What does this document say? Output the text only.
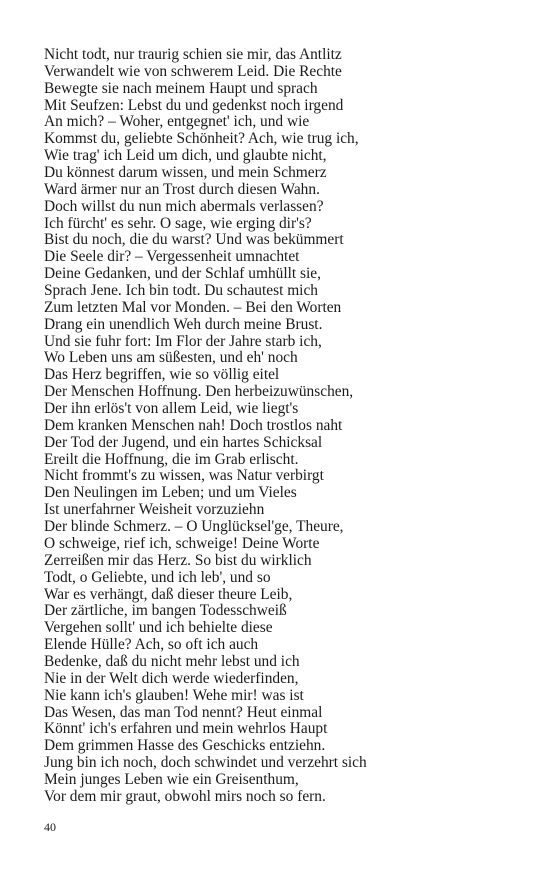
Nicht todt, nur traurig schien sie mir, das Antlitz
Verwandelt wie von schwerem Leid. Die Rechte
Bewegte sie nach meinem Haupt und sprach
Mit Seufzen: Lebst du und gedenkst noch irgend
An mich? – Woher, entgegnet' ich, und wie
Kommst du, geliebte Schönheit? Ach, wie trug ich,
Wie trag' ich Leid um dich, und glaubte nicht,
Du könnest darum wissen, und mein Schmerz
Ward ärmer nur an Trost durch diesen Wahn.
Doch willst du nun mich abermals verlassen?
Ich fürcht' es sehr. O sage, wie erging dir's?
Bist du noch, die du warst? Und was bekümmert
Die Seele dir? – Vergessenheit umnachtet
Deine Gedanken, und der Schlaf umhüllt sie,
Sprach Jene. Ich bin todt. Du schautest mich
Zum letzten Mal vor Monden. – Bei den Worten
Drang ein unendlich Weh durch meine Brust.
Und sie fuhr fort: Im Flor der Jahre starb ich,
Wo Leben uns am süßesten, und eh' noch
Das Herz begriffen, wie so völlig eitel
Der Menschen Hoffnung. Den herbeizuwünschen,
Der ihn erlös't von allem Leid, wie liegt's
Dem kranken Menschen nah! Doch trostlos naht
Der Tod der Jugend, und ein hartes Schicksal
Ereilt die Hoffnung, die im Grab erlischt.
Nicht frommt's zu wissen, was Natur verbirgt
Den Neulingen im Leben; und um Vieles
Ist unerfahrner Weisheit vorzuziehn
Der blinde Schmerz. – O Unglücksel'ge, Theure,
O schweige, rief ich, schweige! Deine Worte
Zerreißen mir das Herz. So bist du wirklich
Todt, o Geliebte, und ich leb', und so
War es verhängt, daß dieser theure Leib,
Der zärtliche, im bangen Todesschweiß
Vergehen sollt' und ich behielte diese
Elende Hülle? Ach, so oft ich auch
Bedenke, daß du nicht mehr lebst und ich
Nie in der Welt dich werde wiederfinden,
Nie kann ich's glauben! Wehe mir! was ist
Das Wesen, das man Tod nennt? Heut einmal
Könnt' ich's erfahren und mein wehrlos Haupt
Dem grimmen Hasse des Geschicks entziehn.
Jung bin ich noch, doch schwindet und verzehrt sich
Mein junges Leben wie ein Greisenthum,
Vor dem mir graut, obwohl mirs noch so fern.
40
